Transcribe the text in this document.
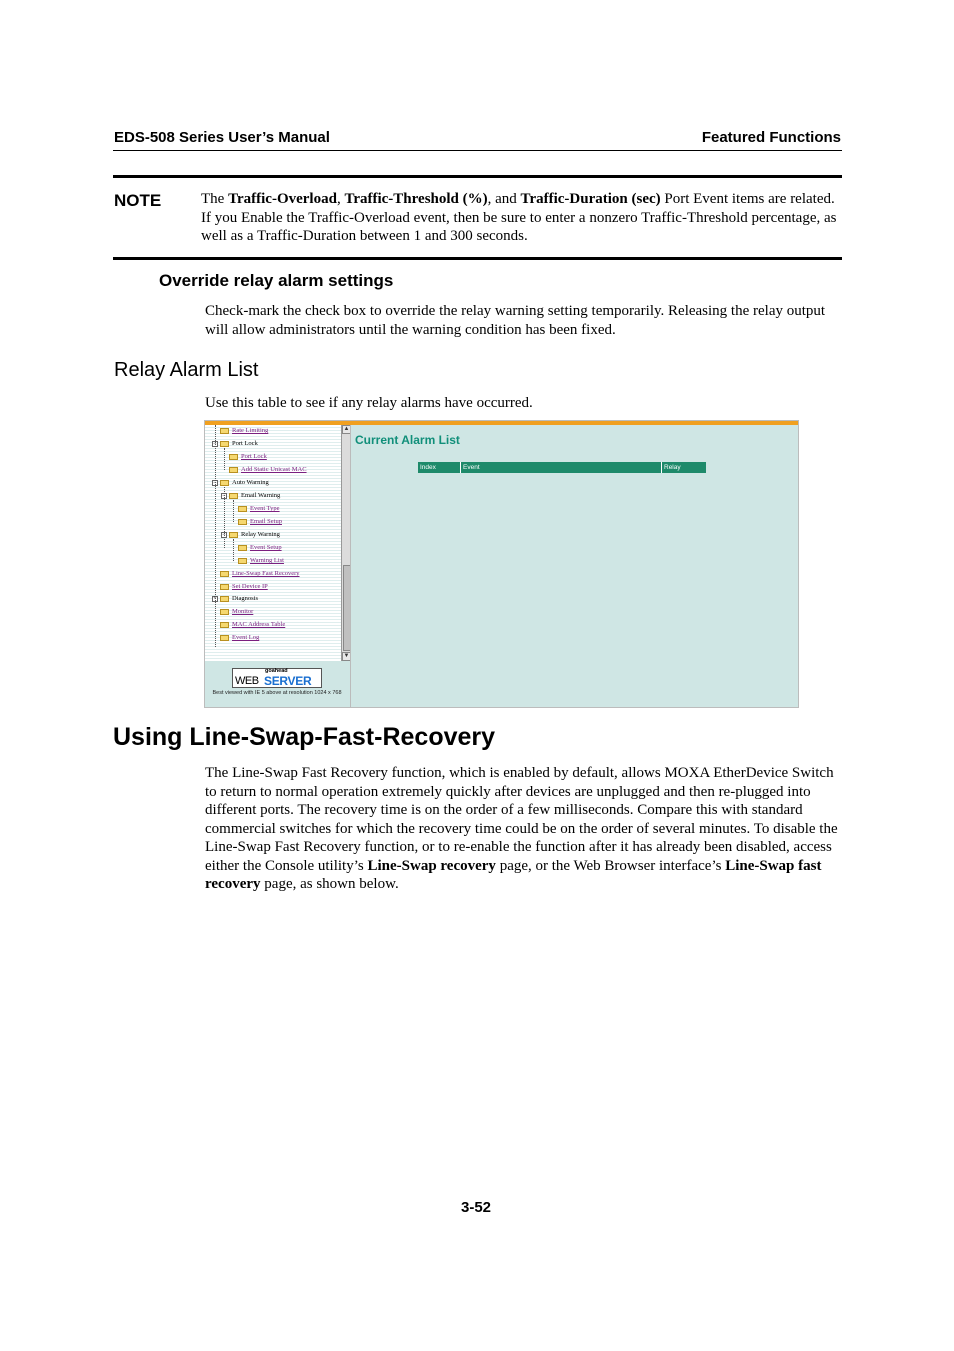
EDS-508 Series User’s Manual	Featured Functions
NOTE	The Traffic-Overload, Traffic-Threshold (%), and Traffic-Duration (sec) Port Event items are related. If you Enable the Traffic-Overload event, then be sure to enter a nonzero Traffic-Threshold percentage, as well as a Traffic-Duration between 1 and 300 seconds.
Override relay alarm settings
Check-mark the check box to override the relay warning setting temporarily. Releasing the relay output will allow administrators until the warning condition has been fixed.
Relay Alarm List
Use this table to see if any relay alarms have occurred.
Rate Limiting
Port Lock
−
Port Lock
Add Static Unicast MAC
Auto Warning
−
Email Warning
−
Event Type
Email Setup
Relay Warning
−
Event Setup
Warning List
Line-Swap Fast Recovery
Set Device IP
Diagnosis
+
Monitor
MAC Address Table
Event Log
▲
▼
goahead
WEB SERVER
Best viewed with IE 5 above at resolution 1024 x 768
Current Alarm List
Index	Event	Relay
Using Line-Swap-Fast-Recovery
The Line-Swap Fast Recovery function, which is enabled by default, allows MOXA EtherDevice Switch to return to normal operation extremely quickly after devices are unplugged and then re-plugged into different ports. The recovery time is on the order of a few milliseconds. Compare this with standard commercial switches for which the recovery time could be on the order of several minutes. To disable the Line-Swap Fast Recovery function, or to re-enable the function after it has already been disabled, access either the Console utility’s Line-Swap recovery page, or the Web Browser interface’s Line-Swap fast recovery page, as shown below.
3-52
